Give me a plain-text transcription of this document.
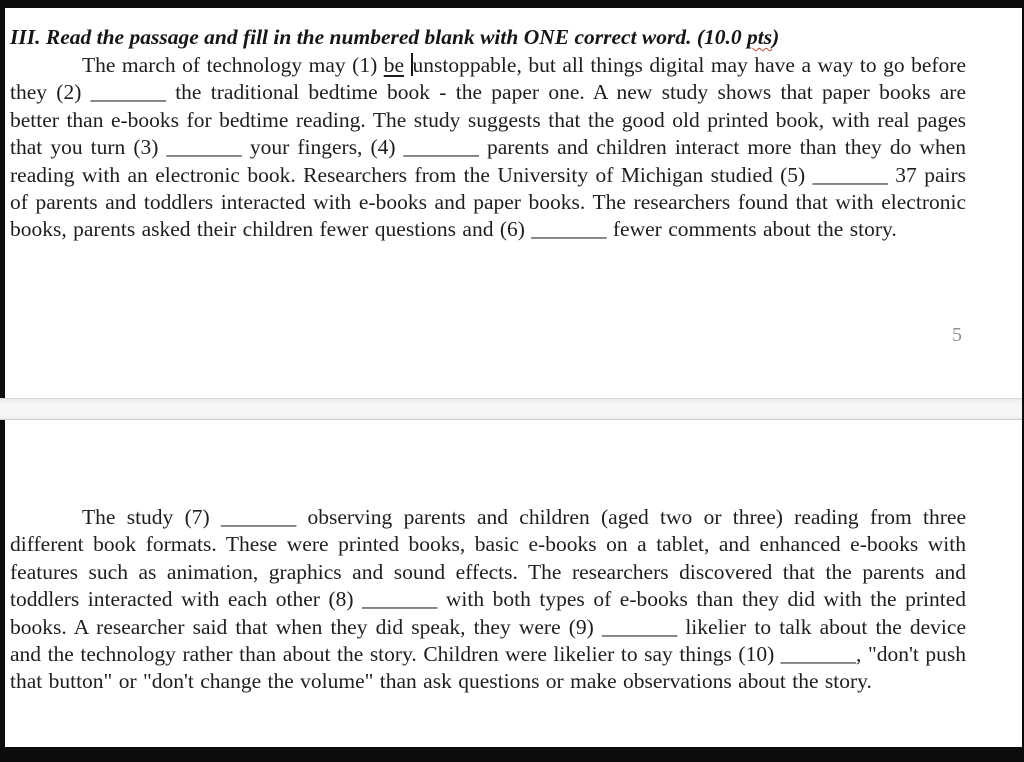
III. Read the passage and fill in the numbered blank with ONE correct word. (10.0 pts)

The march of technology may (1) be unstoppable, but all things digital may have a way to go before they (2) _______ the traditional bedtime book - the paper one. A new study shows that paper books are better than e-books for bedtime reading. The study suggests that the good old printed book, with real pages that you turn (3) _______ your fingers, (4) _______ parents and children interact more than they do when reading with an electronic book. Researchers from the University of Michigan studied (5) _______ 37 pairs of parents and toddlers interacted with e-books and paper books. The researchers found that with electronic books, parents asked their children fewer questions and (6) _______ fewer comments about the story.

5

The study (7) _______ observing parents and children (aged two or three) reading from three different book formats. These were printed books, basic e-books on a tablet, and enhanced e-books with features such as animation, graphics and sound effects. The researchers discovered that the parents and toddlers interacted with each other (8) _______ with both types of e-books than they did with the printed books. A researcher said that when they did speak, they were (9) _______ likelier to talk about the device and the technology rather than about the story. Children were likelier to say things (10) _______, "don't push that button" or "don't change the volume" than ask questions or make observations about the story.
